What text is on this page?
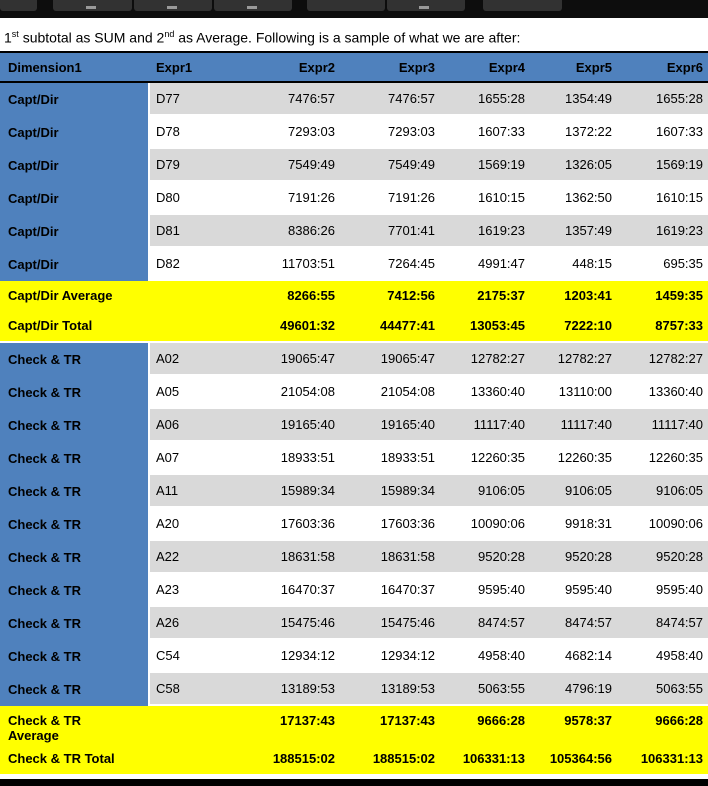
1st subtotal as SUM and 2nd as Average. Following is a sample of what we are after:
Dimension1	Expr1	Expr2	Expr3	Expr4	Expr5	Expr6
Capt/Dir	D77	7476:57	7476:57	1655:28	1354:49	1655:28
Capt/Dir	D78	7293:03	7293:03	1607:33	1372:22	1607:33
Capt/Dir	D79	7549:49	7549:49	1569:19	1326:05	1569:19
Capt/Dir	D80	7191:26	7191:26	1610:15	1362:50	1610:15
Capt/Dir	D81	8386:26	7701:41	1619:23	1357:49	1619:23
Capt/Dir	D82	11703:51	7264:45	4991:47	448:15	695:35
Capt/Dir Average		8266:55	7412:56	2175:37	1203:41	1459:35
Capt/Dir Total		49601:32	44477:41	13053:45	7222:10	8757:33
Check & TR	A02	19065:47	19065:47	12782:27	12782:27	12782:27
Check & TR	A05	21054:08	21054:08	13360:40	13110:00	13360:40
Check & TR	A06	19165:40	19165:40	11117:40	11117:40	11117:40
Check & TR	A07	18933:51	18933:51	12260:35	12260:35	12260:35
Check & TR	A11	15989:34	15989:34	9106:05	9106:05	9106:05
Check & TR	A20	17603:36	17603:36	10090:06	9918:31	10090:06
Check & TR	A22	18631:58	18631:58	9520:28	9520:28	9520:28
Check & TR	A23	16470:37	16470:37	9595:40	9595:40	9595:40
Check & TR	A26	15475:46	15475:46	8474:57	8474:57	8474:57
Check & TR	C54	12934:12	12934:12	4958:40	4682:14	4958:40
Check & TR	C58	13189:53	13189:53	5063:55	4796:19	5063:55
Check & TR Average		17137:43	17137:43	9666:28	9578:37	9666:28
Check & TR Total		188515:02	188515:02	106331:13	105364:56	106331:13
